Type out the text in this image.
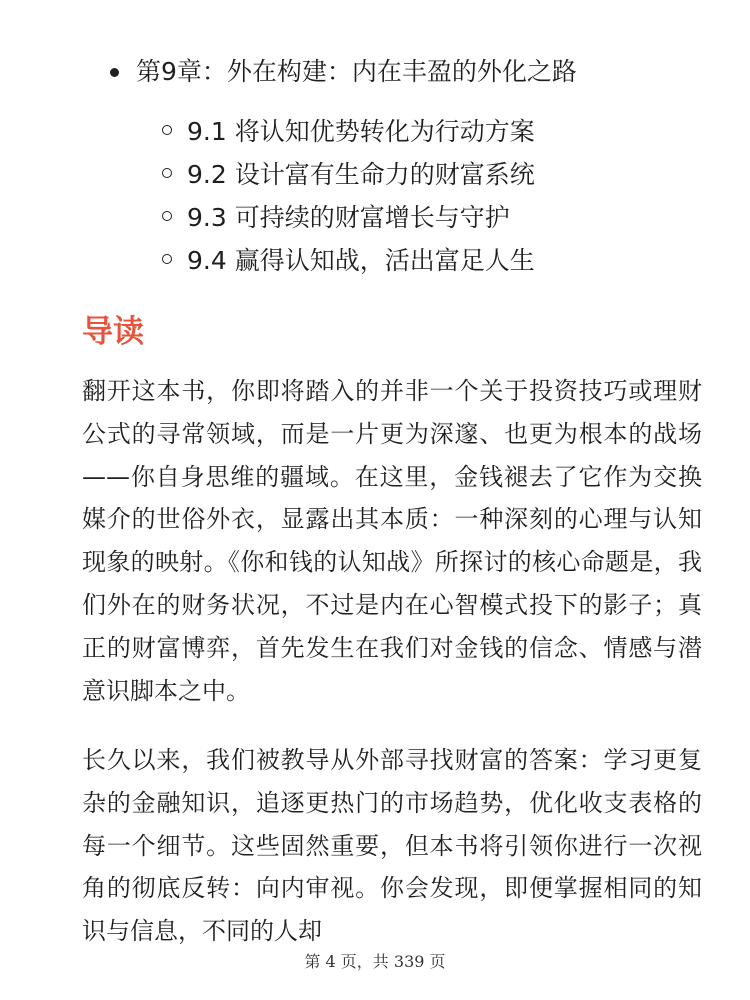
第9章：外在构建：内在丰盈的外化之路
9.1 将认知优势转化为行动方案
9.2 设计富有生命力的财富系统
9.3 可持续的财富增长与守护
9.4 赢得认知战，活出富足人生
导读

翻开这本书，你即将踏入的并非一个关于投资技巧或理财公式的寻常领域，而是一片更为深邃、也更为根本的战场——你自身思维的疆域。在这里，金钱褪去了它作为交换媒介的世俗外衣，显露出其本质：一种深刻的心理与认知现象的映射。《你和钱的认知战》所探讨的核心命题是，我们外在的财务状况，不过是内在心智模式投下的影子；真正的财富博弈，首先发生在我们对金钱的信念、情感与潜意识脚本之中。

长久以来，我们被教导从外部寻找财富的答案：学习更复杂的金融知识，追逐更热门的市场趋势，优化收支表格的每一个细节。这些固然重要，但本书将引领你进行一次视角的彻底反转：向内审视。你会发现，即便掌握相同的知识与信息，不同的人却

第 4 页，共 339 页
